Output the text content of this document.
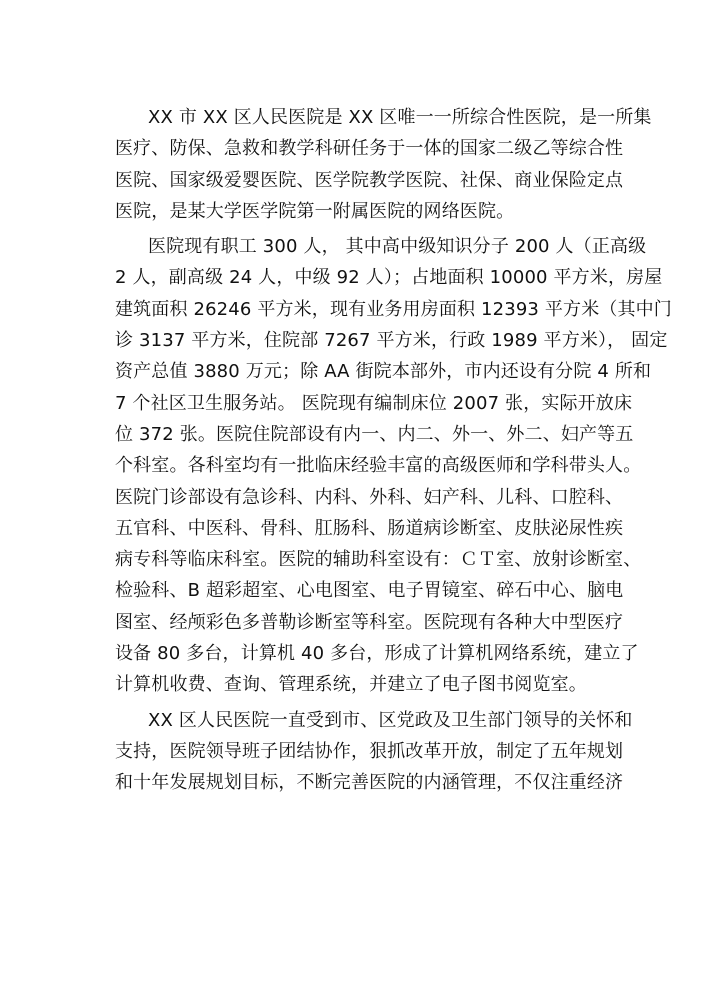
XX 市 XX 区人民医院是 XX 区唯一一所综合性医院，是一所集
医疗、防保、急救和教学科研任务于一体的国家二级乙等综合性
医院、国家级爱婴医院、医学院教学医院、社保、商业保险定点
医院，是某大学医学院第一附属医院的网络医院。
医院现有职工 300 人， 其中高中级知识分子 200 人（正高级
2 人，副高级 24 人，中级 92 人）；占地面积 10000 平方米，房屋
建筑面积 26246 平方米，现有业务用房面积 12393 平方米（其中门
诊 3137 平方米，住院部 7267 平方米，行政 1989 平方米）， 固定
资产总值 3880 万元；除 AA 街院本部外，市内还设有分院 4 所和
7 个社区卫生服务站。 医院现有编制床位 2007 张，实际开放床
位 372 张。医院住院部设有内一、内二、外一、外二、妇产等五
个科室。各科室均有一批临床经验丰富的高级医师和学科带头人。
医院门诊部设有急诊科、内科、外科、妇产科、儿科、口腔科、
五官科、中医科、骨科、肛肠科、肠道病诊断室、皮肤泌尿性疾
病专科等临床科室。医院的辅助科室设有：ＣＴ室、放射诊断室、
检验科、B 超彩超室、心电图室、电子胃镜室、碎石中心、脑电
图室、经颅彩色多普勒诊断室等科室。医院现有各种大中型医疗
设备 80 多台，计算机 40 多台，形成了计算机网络系统，建立了
计算机收费、查询、管理系统，并建立了电子图书阅览室。
XX 区人民医院一直受到市、区党政及卫生部门领导的关怀和
支持，医院领导班子团结协作，狠抓改革开放，制定了五年规划
和十年发展规划目标，不断完善医院的内涵管理，不仅注重经济
